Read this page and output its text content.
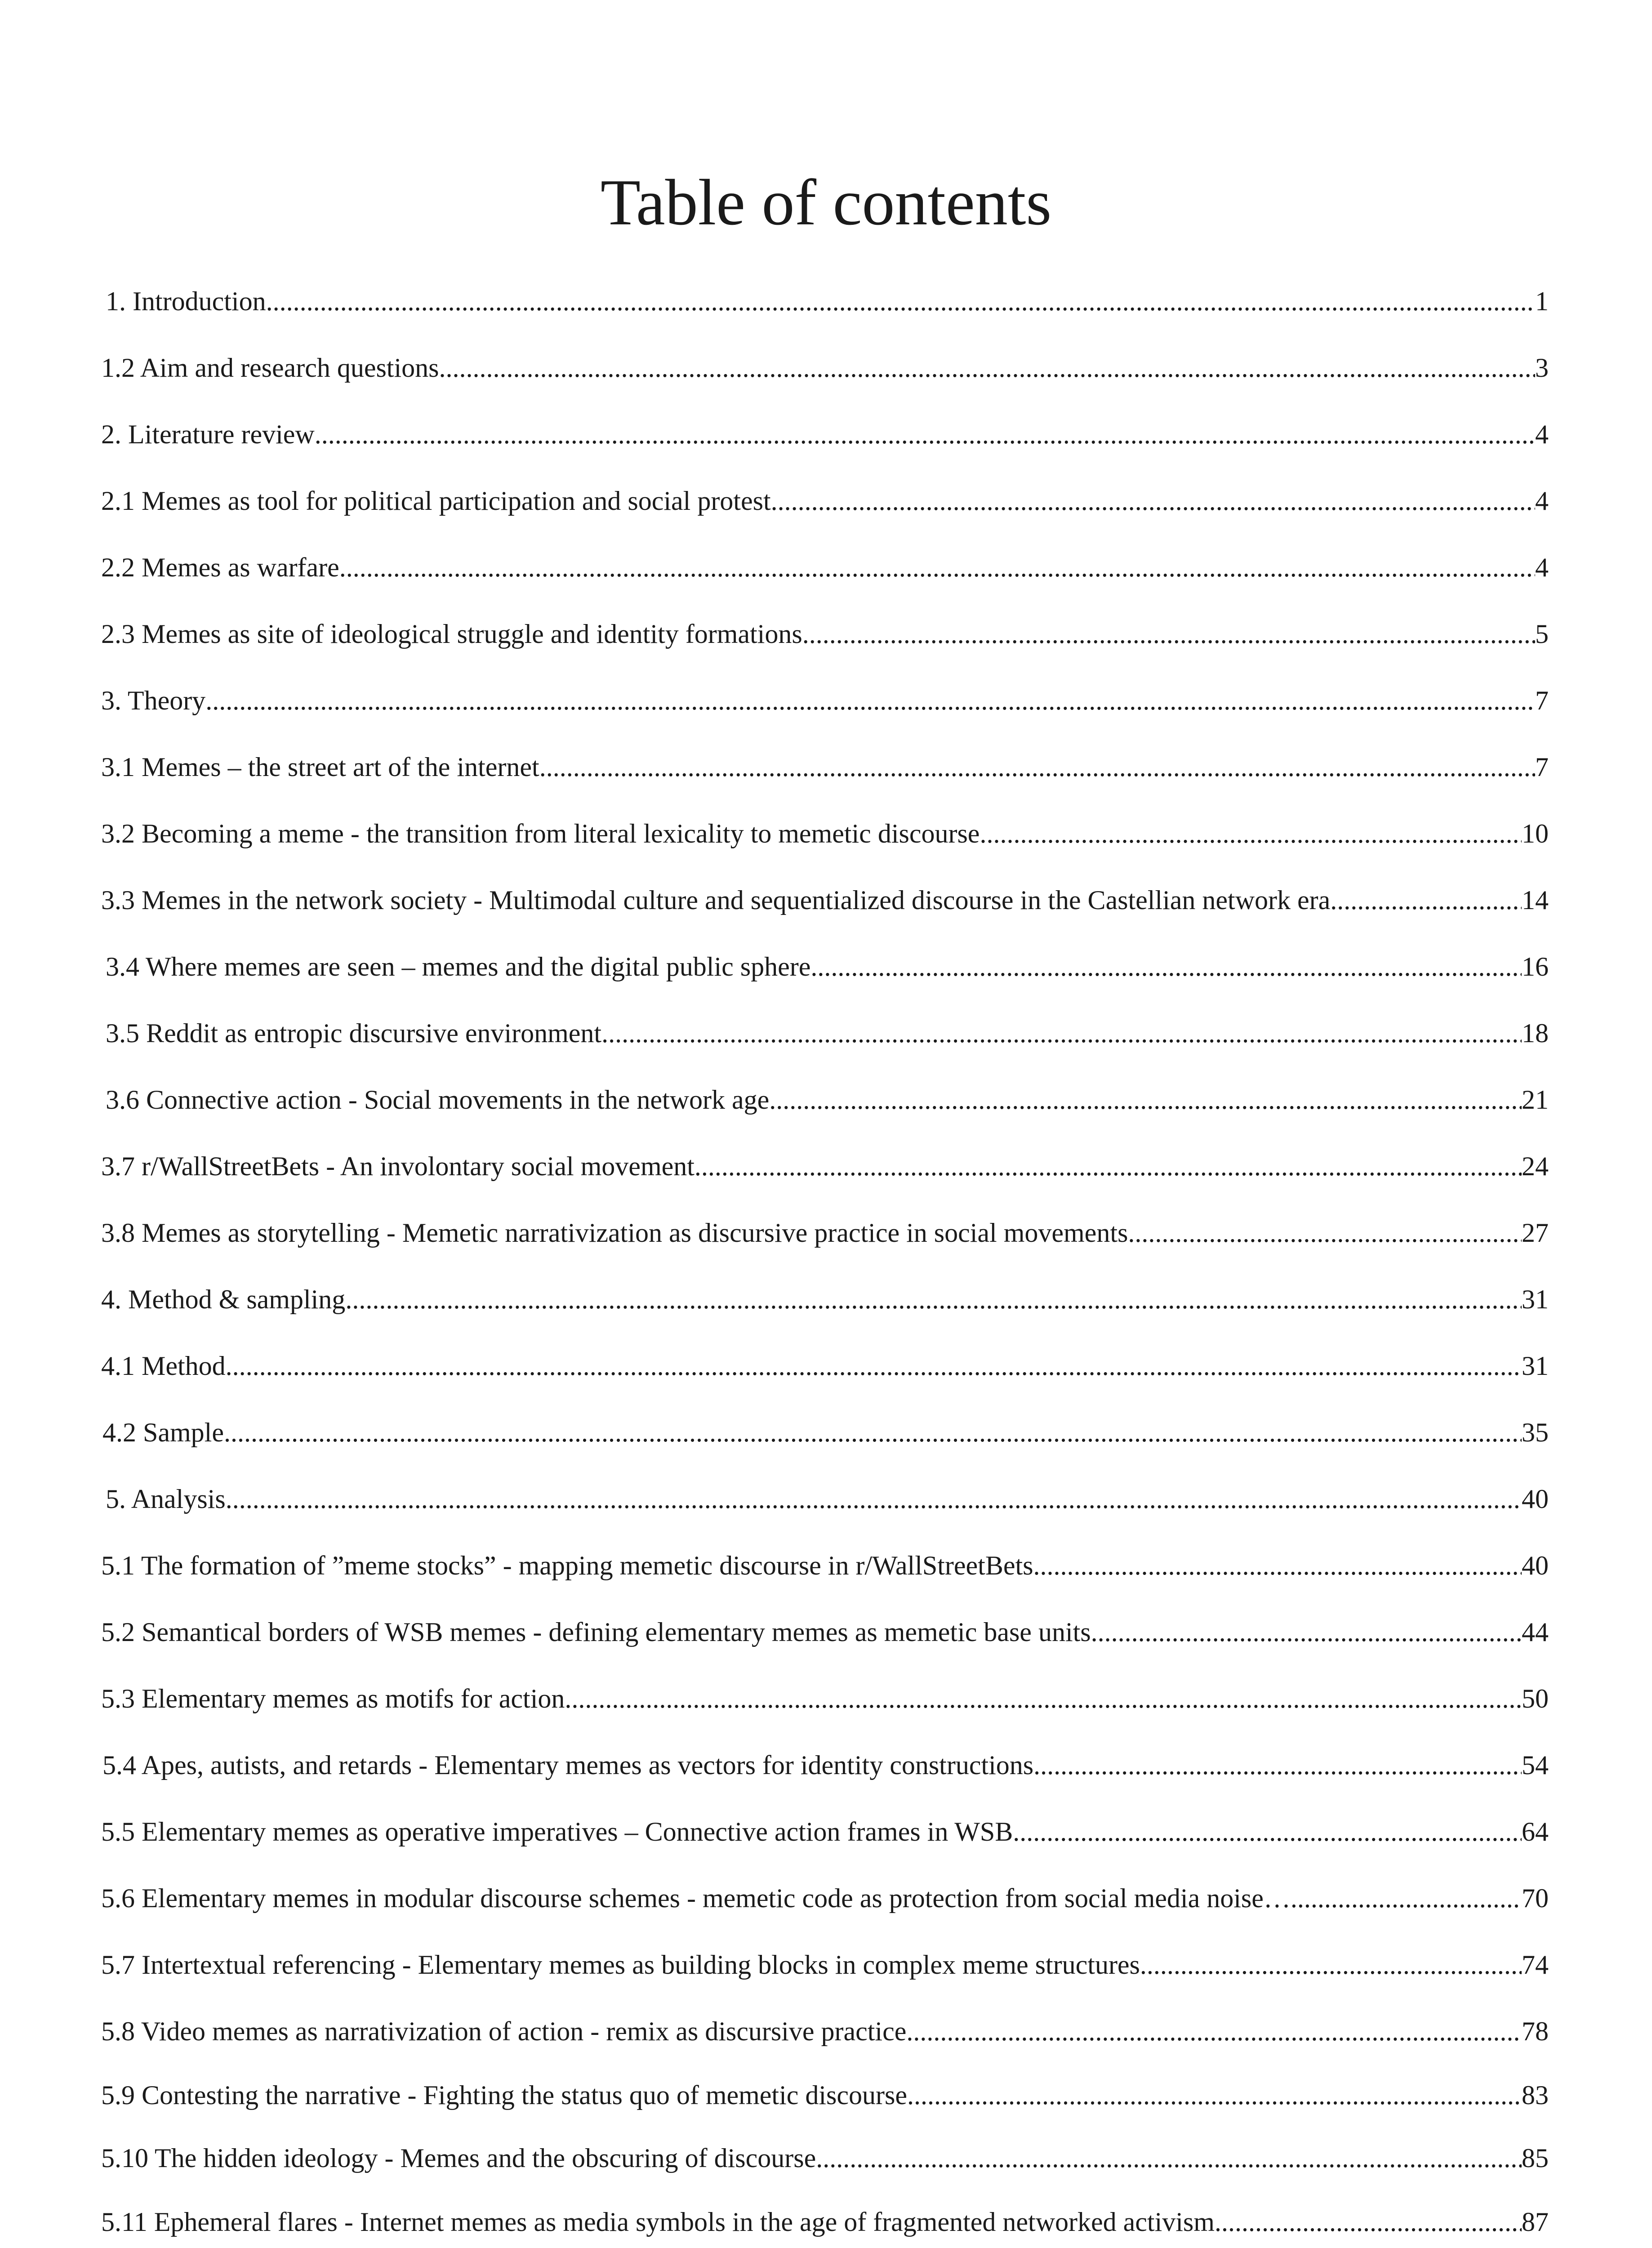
Table of contents
1. Introduction .....	1
1.2 Aim and research questions .....	3
2. Literature review .....	4
2.1 Memes as tool for political participation and social protest .....	4
2.2 Memes as warfare .....	4
2.3 Memes as site of ideological struggle and identity formations .....	5
3. Theory .....	7
3.1 Memes – the street art of the internet .....	7
3.2 Becoming a meme - the transition from literal lexicality to memetic discourse .....	10
3.3 Memes in the network society - Multimodal culture and sequentialized discourse in the Castellian network era .....	14
3.4 Where memes are seen – memes and the digital public sphere .....	16
3.5 Reddit as entropic discursive environment .....	18
3.6 Connective action - Social movements in the network age .....	21
3.7 r/WallStreetBets - An involontary social movement .....	24
3.8 Memes as storytelling - Memetic narrativization as discursive practice in social movements .....	27
4. Method & sampling .....	31
4.1 Method .....	31
4.2 Sample .....	35
5. Analysis .....	40
5.1 The formation of ”meme stocks” - mapping memetic discourse in r/WallStreetBets .....	40
5.2 Semantical borders of WSB memes - defining elementary memes as memetic base units .....	44
5.3 Elementary memes as motifs for action .....	50
5.4 Apes, autists, and retards - Elementary memes as vectors for identity constructions .....	54
5.5 Elementary memes as operative imperatives – Connective action frames in WSB .....	64
5.6 Elementary memes in modular discourse schemes - memetic code as protection from social media noise… .....	70
5.7 Intertextual referencing - Elementary memes as building blocks in complex meme structures .....	74
5.8 Video memes as narrativization of action - remix as discursive practice .....	78
5.9 Contesting the narrative - Fighting the status quo of memetic discourse .....	83
5.10 The hidden ideology - Memes and the obscuring of discourse .....	85
5.11 Ephemeral flares - Internet memes as media symbols in the age of fragmented networked activism .....	87
